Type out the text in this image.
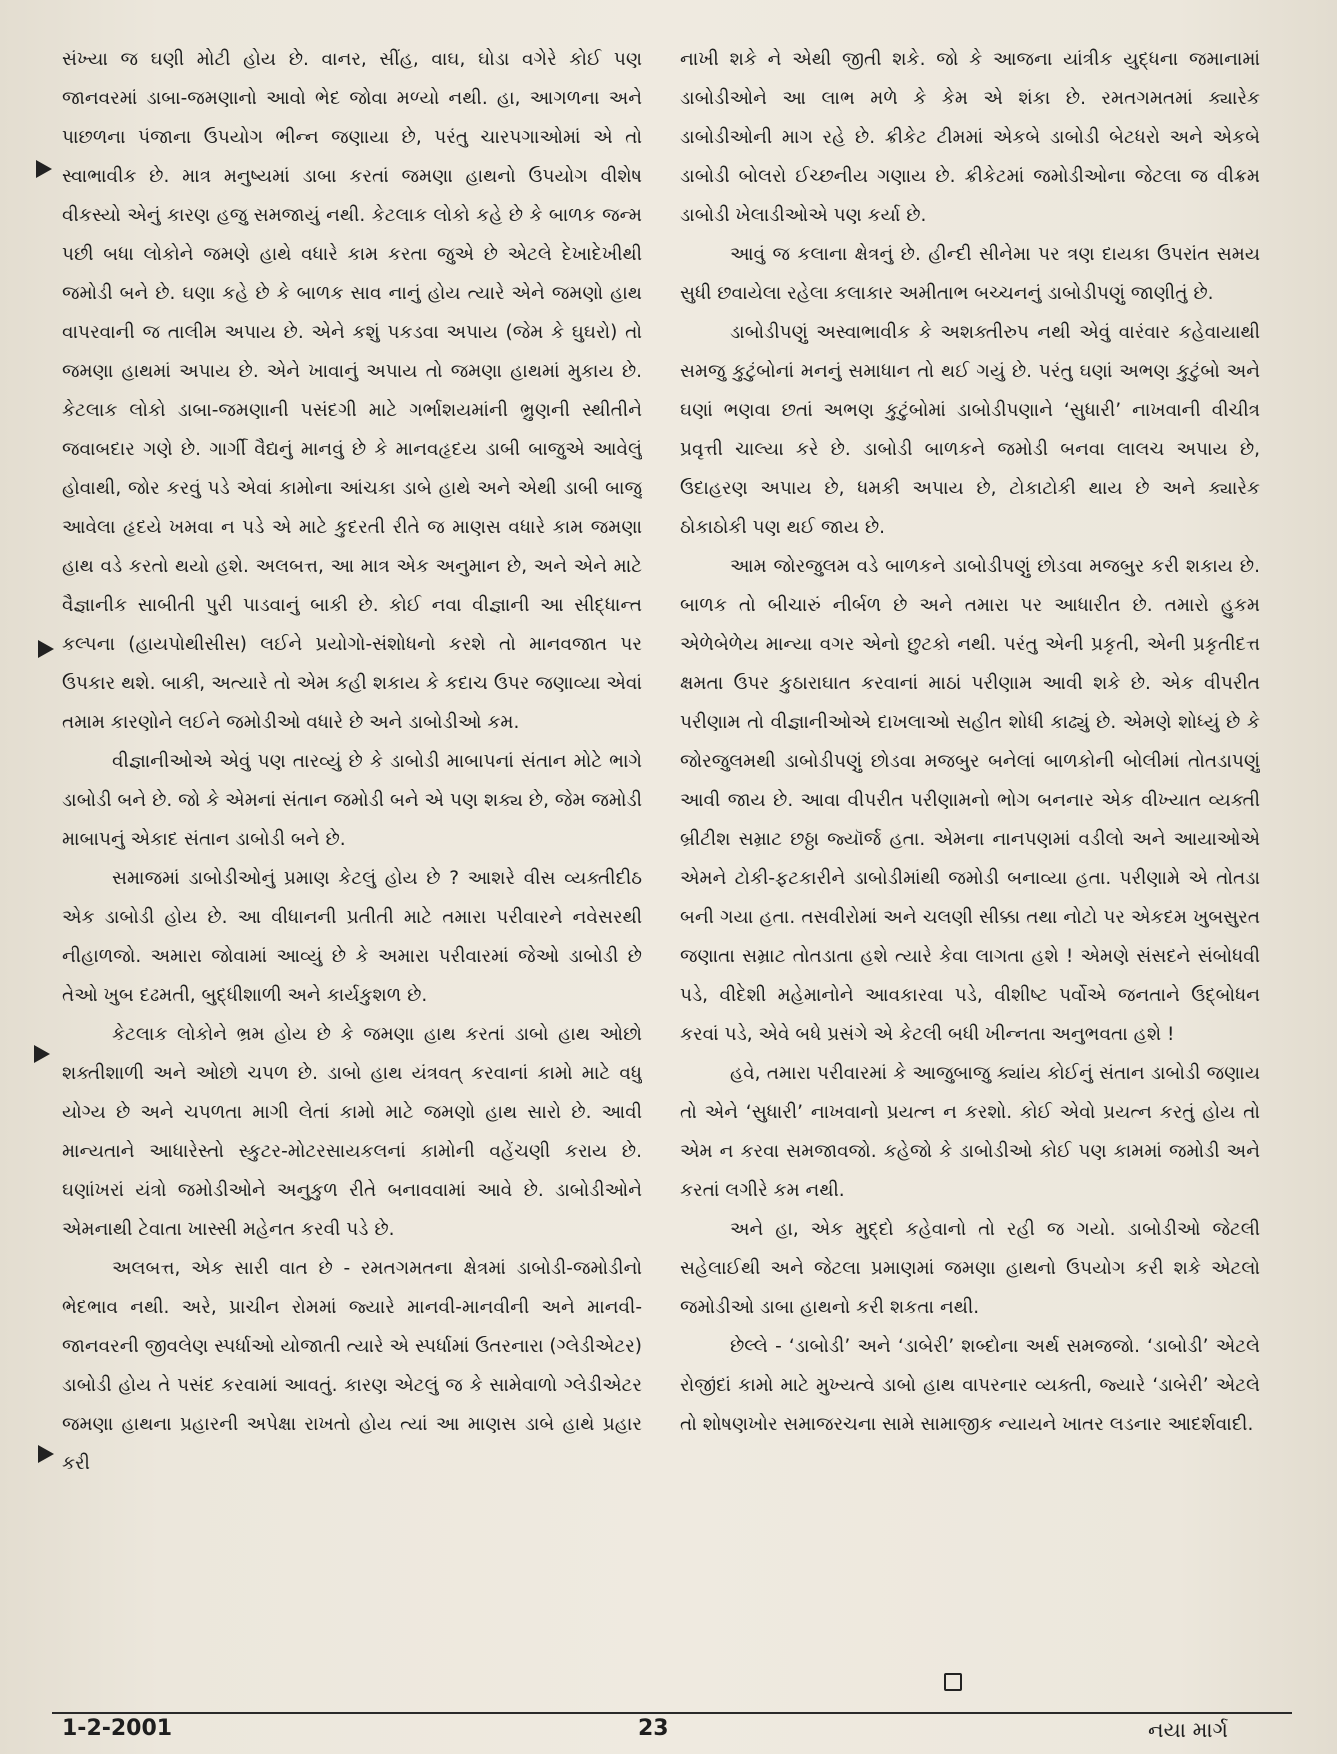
સંખ્યા જ ઘણી મોટી હોય છે. વાનર, સીંહ, વાઘ, ઘોડા વગેરે કોઈ પણ જાનવરમાં ડાબા-જમણાનો આવો ભેદ જોવા મળ્યો નથી. હા, આગળના અને પાછળના પંજાના ઉપયોગ ભીન્ન જણાયા છે, પરંતુ ચારપગાઓમાં એ તો સ્વાભાવીક છે. માત્ર મનુષ્યમાં ડાબા કરતાં જમણા હાથનો ઉપયોગ વીશેષ વીકસ્યો એનું કારણ હજુ સમજાયું નથી. કેટલાક લોકો કહે છે કે બાળક જન્મ પછી બધા લોકોને જમણે હાથે વધારે કામ કરતા જુએ છે એટલે દેખાદેખીથી જમોડી બને છે. ઘણા કહે છે કે બાળક સાવ નાનું હોય ત્યારે એને જમણો હાથ વાપરવાની જ તાલીમ અપાય છે. એને કશું પકડવા અપાય (જેમ કે ઘુઘરો) તો જમણા હાથમાં અપાય છે. એને ખાવાનું અપાય તો જમણા હાથમાં મુકાય છે. કેટલાક લોકો ડાબા-જમણાની પસંદગી માટે ગર્ભાશયમાંની ભ્રુણની સ્થીતીને જવાબદાર ગણે છે. ગાર્ગી વૈદ્યનું માનવું છે કે માનવહૃદય ડાબી બાજુએ આવેલું હોવાથી, જોર કરવું પડે એવાં કામોના આંચકા ડાબે હાથે અને એથી ડાબી બાજુ આવેલા હૃદયે ખમવા ન પડે એ માટે કુદરતી રીતે જ માણસ વધારે કામ જમણા હાથ વડે કરતો થયો હશે. અલબત્ત, આ માત્ર એક અનુમાન છે, અને એને માટે વૈજ્ઞાનીક સાબીતી પુરી પાડવાનું બાકી છે. કોઈ નવા વીજ્ઞાની આ સીદ્ધાન્ત કલ્પના (હાયપોથીસીસ) લઈને પ્રયોગો-સંશોધનો કરશે તો માનવજાત પર ઉપકાર થશે. બાકી, અત્યારે તો એમ કહી શકાય કે કદાચ ઉપર જણાવ્યા એવાં તમામ કારણોને લઈને જમોડીઓ વધારે છે અને ડાબોડીઓ કમ.

વીજ્ઞાનીઓએ એવું પણ તારવ્યું છે કે ડાબોડી માબાપનાં સંતાન મોટે ભાગે ડાબોડી બને છે. જો કે એમનાં સંતાન જમોડી બને એ પણ શક્ય છે, જેમ જમોડી માબાપનું એકાદ સંતાન ડાબોડી બને છે.

સમાજમાં ડાબોડીઓનું પ્રમાણ કેટલું હોય છે ? આશરે વીસ વ્યક્તીદીઠ એક ડાબોડી હોય છે. આ વીધાનની પ્રતીતી માટે તમારા પરીવારને નવેસરથી નીહાળજો. અમારા જોવામાં આવ્યું છે કે અમારા પરીવારમાં જેઓ ડાબોડી છે તેઓ ખુબ દઢમતી, બુદ્ધીશાળી અને કાર્યકુશળ છે.

કેટલાક લોકોને ભ્રમ હોય છે કે જમણા હાથ કરતાં ડાબો હાથ ઓછો શક્તીશાળી અને ઓછો ચપળ છે. ડાબો હાથ યંત્રવત્ કરવાનાં કામો માટે વધુ યોગ્ય છે અને ચપળતા માગી લેતાં કામો માટે જમણો હાથ સારો છે. આવી માન્યતાને આધારેસ્તો સ્કુટર-મોટરસાયકલનાં કામોની વહેંચણી કરાય છે. ઘણાંખરાં યંત્રો જમોડીઓને અનુકુળ રીતે બનાવવામાં આવે છે. ડાબોડીઓને એમનાથી ટેવાતા ખાસ્સી મહેનત કરવી પડે છે.

અલબત્ત, એક સારી વાત છે - રમતગમતના ક્ષેત્રમાં ડાબોડી-જમોડીનો ભેદભાવ નથી. અરે, પ્રાચીન રોમમાં જ્યારે માનવી-માનવીની અને માનવી-જાનવરની જીવલેણ સ્પર્ધાઓ યોજાતી ત્યારે એ સ્પર્ધામાં ઉતરનારા (ગ્લેડીએટર) ડાબોડી હોય તે પસંદ કરવામાં આવતું. કારણ એટલું જ કે સામેવાળો ગ્લેડીએટર જમણા હાથના પ્રહારની અપેક્ષા રાખતો હોય ત્યાં આ માણસ ડાબે હાથે પ્રહાર કરી

નાખી શકે ને એથી જીતી શકે. જો કે આજના યાંત્રીક યુદ્ધના જમાનામાં ડાબોડીઓને આ લાભ મળે કે કેમ એ શંકા છે. રમતગમતમાં ક્યારેક ડાબોડીઓની માગ રહે છે. ક્રીકેટ ટીમમાં એકબે ડાબોડી બેટધરો અને એકબે ડાબોડી બોલરો ઈચ્છનીય ગણાય છે. ક્રીકેટમાં જમોડીઓના જેટલા જ વીક્રમ ડાબોડી ખેલાડીઓએ પણ કર્યા છે.

આવું જ કલાના ક્ષેત્રનું છે. હીન્દી સીનેમા પર ત્રણ દાયકા ઉપરાંત સમય સુધી છવાયેલા રહેલા કલાકાર અમીતાભ બચ્ચનનું ડાબોડીપણું જાણીતું છે.

ડાબોડીપણું અસ્વાભાવીક કે અશક્તીરુપ નથી એવું વારંવાર કહેવાયાથી સમજુ કુટુંબોનાં મનનું સમાધાન તો થઈ ગયું છે. પરંતુ ઘણાં અભણ કુટુંબો અને ઘણાં ભણવા છતાં અભણ કુટુંબોમાં ડાબોડીપણાને ‘સુધારી’ નાખવાની વીચીત્ર પ્રવૃત્તી ચાલ્યા કરે છે. ડાબોડી બાળકને જમોડી બનવા લાલચ અપાય છે, ઉદાહરણ અપાય છે, ધમકી અપાય છે, ટોકાટોકી થાય છે અને ક્યારેક ઠોકાઠોકી પણ થઈ જાય છે.

આમ જોરજુલમ વડે બાળકને ડાબોડીપણું છોડવા મજબુર કરી શકાય છે. બાળક તો બીચારું નીર્બળ છે અને તમારા પર આધારીત છે. તમારો હુકમ એળેબેળેય માન્યા વગર એનો છુટકો નથી. પરંતુ એની પ્રકૃતી, એની પ્રકૃતીદત્ત ક્ષમતા ઉપર કુઠારાઘાત કરવાનાં માઠાં પરીણામ આવી શકે છે. એક વીપરીત પરીણામ તો વીજ્ઞાનીઓએ દાખલાઓ સહીત શોધી કાઢ્યું છે. એમણે શોધ્યું છે કે જોરજુલમથી ડાબોડીપણું છોડવા મજબુર બનેલાં બાળકોની બોલીમાં તોતડાપણું આવી જાય છે. આવા વીપરીત પરીણામનો ભોગ બનનાર એક વીખ્યાત વ્યક્તી બ્રીટીશ સમ્રાટ છઠ્ઠા જ્યૉર્જ હતા. એમના નાનપણમાં વડીલો અને આયાઓએ એમને ટોકી-ફટકારીને ડાબોડીમાંથી જમોડી બનાવ્યા હતા. પરીણામે એ તોતડા બની ગયા હતા. તસવીરોમાં અને ચલણી સીક્કા તથા નોટો પર એકદમ ખુબસુરત જણાતા સમ્રાટ તોતડાતા હશે ત્યારે કેવા લાગતા હશે ! એમણે સંસદને સંબોધવી પડે, વીદેશી મહેમાનોને આવકારવા પડે, વીશીષ્ટ પર્વોએ જનતાને ઉદ્બોધન કરવાં પડે, એવે બધે પ્રસંગે એ કેટલી બધી ખીન્નતા અનુભવતા હશે !

હવે, તમારા પરીવારમાં કે આજુબાજુ ક્યાંય કોઈનું સંતાન ડાબોડી જણાય તો એને ‘સુધારી’ નાખવાનો પ્રયત્ન ન કરશો. કોઈ એવો પ્રયત્ન કરતું હોય તો એમ ન કરવા સમજાવજો. કહેજો કે ડાબોડીઓ કોઈ પણ કામમાં જમોડી અને કરતાં લગીરે કમ નથી.

અને હા, એક મુદ્દો કહેવાનો તો રહી જ ગયો. ડાબોડીઓ જેટલી સહેલાઈથી અને જેટલા પ્રમાણમાં જમણા હાથનો ઉપયોગ કરી શકે એટલો જમોડીઓ ડાબા હાથનો કરી શકતા નથી.

છેલ્લે - ‘ડાબોડી’ અને ‘ડાબેરી’ શબ્દોના અર્થ સમજજો. ‘ડાબોડી’ એટલે રોજીંદાં કામો માટે મુખ્યત્વે ડાબો હાથ વાપરનાર વ્યક્તી, જ્યારે ‘ડાબેરી’ એટલે તો શોષણખોર સમાજરચના સામે સામાજીક ન્યાયને ખાતર લડનાર આદર્શવાદી.

1-2-2001	23	નયા માર્ગ
